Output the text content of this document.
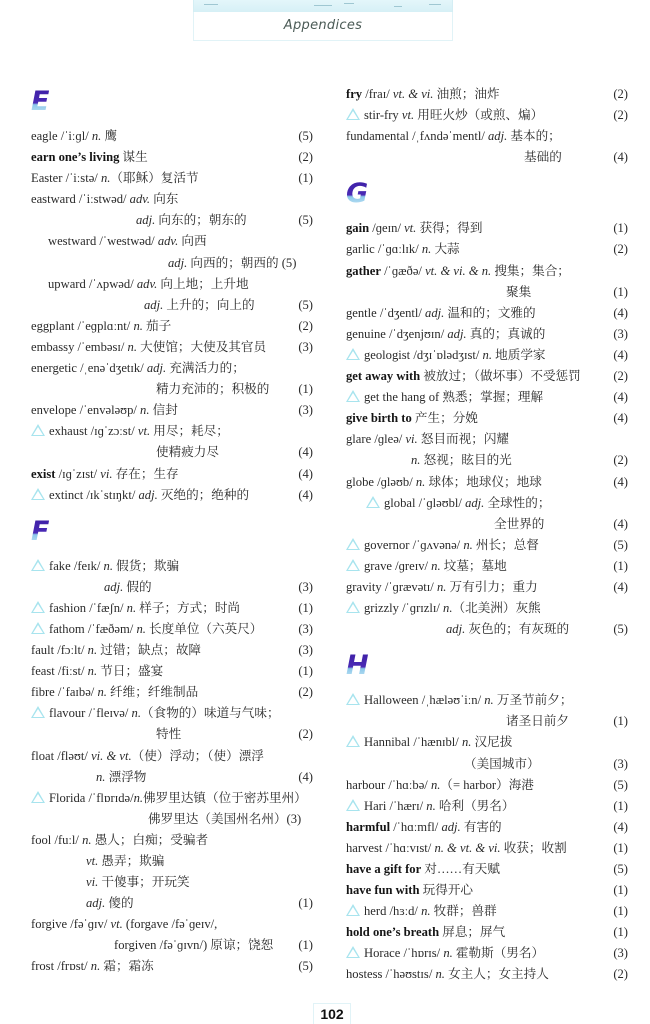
Appendices
E
eagle /ˈiːɡl/ n. 鹰	(5)
earn one’s living 谋生	(2)
Easter /ˈiːstə/ n.（耶稣）复活节	(1)
eastward /ˈiːstwəd/ adv. 向东
adj. 向东的；朝东的	(5)
westward /ˈwestwəd/ adv. 向西
adj. 向西的；朝西的 (5)
upward /ˈʌpwəd/ adv. 向上地；上升地
adj. 上升的；向上的	(5)
eggplant /ˈeɡplɑːnt/ n. 茄子	(2)
embassy /ˈembəsɪ/ n. 大使馆；大使及其官员	(3)
energetic /ˌenəˈdʒetɪk/ adj. 充满活力的；
精力充沛的；积极的 (1)
envelope /ˈenvələʊp/ n. 信封	(3)
exhaust /ɪɡˈzɔːst/ vt. 用尽；耗尽；
使精疲力尽	(4)
exist /ɪɡˈzɪst/ vi. 存在；生存	(4)
extinct /ɪkˈstɪŋkt/ adj. 灭绝的；绝种的	(4)
F
fake /feɪk/ n. 假货；欺骗
adj. 假的	(3)
fashion /ˈfæʃn/ n. 样子；方式；时尚	(1)
fathom /ˈfæðəm/ n. 长度单位（六英尺）	(3)
fault /fɔːlt/ n. 过错；缺点；故障	(3)
feast /fiːst/ n. 节日；盛宴	(1)
fibre /ˈfaɪbə/ n. 纤维；纤维制品	(2)
flavour /ˈfleɪvə/ n.（食物的）味道与气味；
特性	(2)
float /fləʊt/ vi. & vt.（使）浮动；（使）漂浮
n. 漂浮物	(4)
Florida /ˈflɒrɪdə/n.佛罗里达镇（位于密苏里州）
佛罗里达（美国州名州）(3)
fool /fuːl/ n. 愚人；白痴；受骗者
vt. 愚弄；欺骗
vi. 干傻事；开玩笑
adj. 傻的	(1)
forgive /fəˈɡɪv/ vt. (forgave /fəˈɡeɪv/,
forgiven /fəˈɡɪvn/) 原谅；饶恕 (1)
frost /frɒst/ n. 霜；霜冻	(5)
fry /fraɪ/ vt. & vi. 油煎；油炸	(2)
stir-fry vt. 用旺火炒（或煎、煸）	(2)
fundamental /ˌfʌndəˈmentl/ adj. 基本的；
基础的	(4)
G
gain /ɡeɪn/ vt. 获得；得到	(1)
garlic /ˈɡɑːlɪk/ n. 大蒜	(2)
gather /ˈɡæðə/ vt. & vi. & n. 搜集；集合；
聚集	(1)
gentle /ˈdʒentl/ adj. 温和的；文雅的	(4)
genuine /ˈdʒenjʊɪn/ adj. 真的；真诚的	(3)
geologist /dʒɪˈɒlədʒɪst/ n. 地质学家	(4)
get away with 被放过；（做坏事）不受惩罚	(2)
get the hang of 熟悉；掌握；理解	(4)
give birth to 产生；分娩	(4)
glare /ɡleə/ vi. 怒目而视；闪耀
n. 怒视；眩目的光	(2)
globe /ɡləʊb/ n. 球体；地球仪；地球	(4)
global /ˈɡləʊbl/ adj. 全球性的；
全世界的	(4)
governor /ˈɡʌvənə/ n. 州长；总督	(5)
grave /ɡreɪv/ n. 坟墓；墓地	(1)
gravity /ˈɡrævətɪ/ n. 万有引力；重力	(4)
grizzly /ˈɡrɪzlɪ/ n.（北美洲）灰熊
adj. 灰色的；有灰斑的	(5)
H
Halloween /ˌhæləʊˈiːn/ n. 万圣节前夕；
诸圣日前夕	(1)
Hannibal /ˈhænɪbl/ n. 汉尼拔
（美国城市）	(3)
harbour /ˈhɑːbə/ n.（= harbor）海港	(5)
Hari /ˈhærɪ/ n. 哈利（男名）	(1)
harmful /ˈhɑːmfl/ adj. 有害的	(4)
harvest /ˈhɑːvɪst/ n. & vt. & vi. 收获；收割	(1)
have a gift for 对……有天赋	(5)
have fun with 玩得开心	(1)
herd /hɜːd/ n. 牧群；兽群	(1)
hold one’s breath 屏息；屏气	(1)
Horace /ˈhɒrɪs/ n. 霍勒斯（男名）	(3)
hostess /ˈhəʊstɪs/ n. 女主人；女主持人	(2)
102
